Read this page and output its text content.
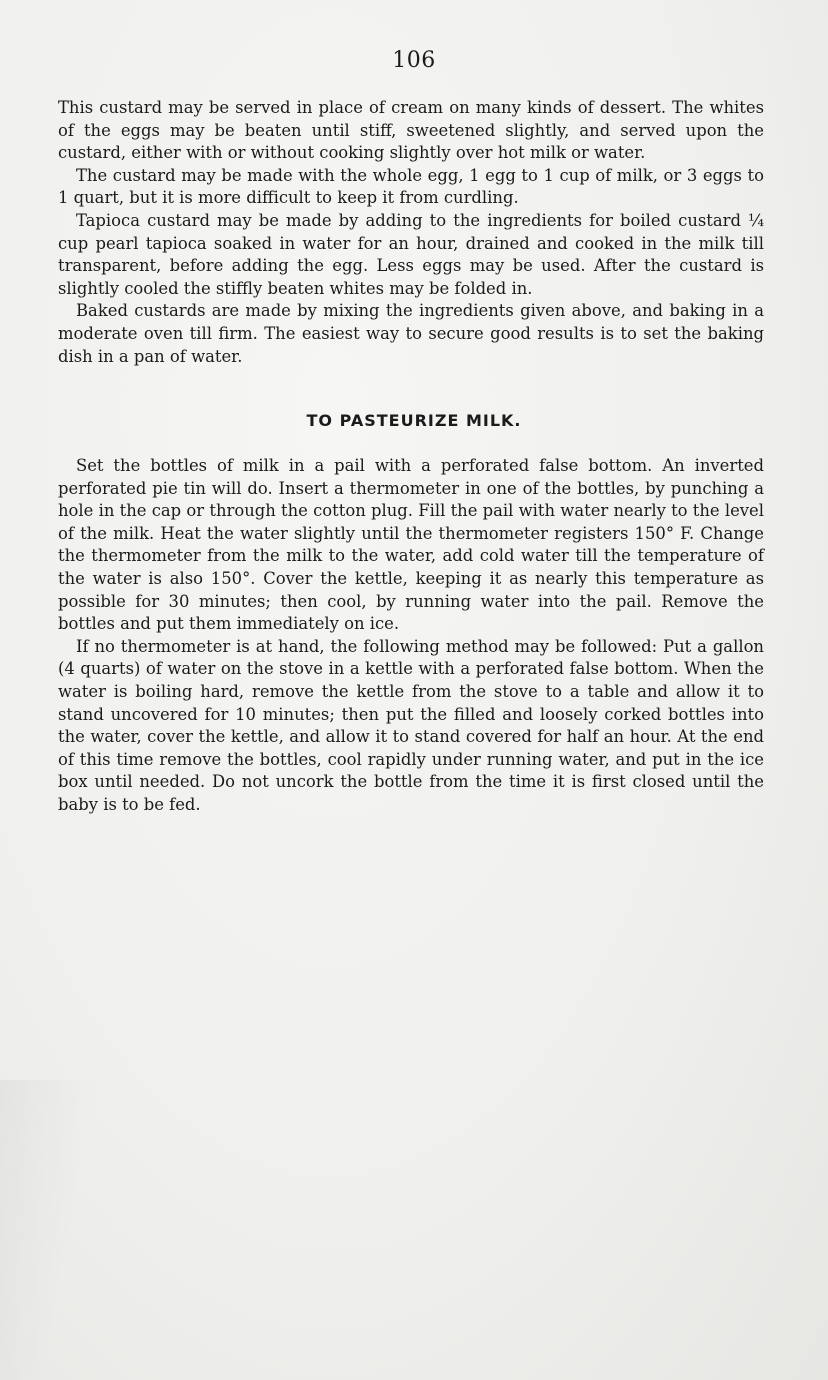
106

This custard may be served in place of cream on many kinds of dessert. The whites of the eggs may be beaten until stiff, sweetened slightly, and served upon the custard, either with or without cooking slightly over hot milk or water.

The custard may be made with the whole egg, 1 egg to 1 cup of milk, or 3 eggs to 1 quart, but it is more difficult to keep it from curdling.

Tapioca custard may be made by adding to the ingredients for boiled custard ¼ cup pearl tapioca soaked in water for an hour, drained and cooked in the milk till transparent, before adding the egg. Less eggs may be used. After the custard is slightly cooled the stiffly beaten whites may be folded in.

Baked custards are made by mixing the ingredients given above, and baking in a moderate oven till firm. The easiest way to secure good results is to set the baking dish in a pan of water.

TO PASTEURIZE MILK.

Set the bottles of milk in a pail with a perforated false bottom. An inverted perforated pie tin will do. Insert a thermometer in one of the bottles, by punching a hole in the cap or through the cotton plug. Fill the pail with water nearly to the level of the milk. Heat the water slightly until the thermometer registers 150° F. Change the thermometer from the milk to the water, add cold water till the temperature of the water is also 150°. Cover the kettle, keeping it as nearly this temperature as possible for 30 minutes; then cool, by running water into the pail. Remove the bottles and put them immediately on ice.

If no thermometer is at hand, the following method may be followed: Put a gallon (4 quarts) of water on the stove in a kettle with a perforated false bottom. When the water is boiling hard, remove the kettle from the stove to a table and allow it to stand uncovered for 10 minutes; then put the filled and loosely corked bottles into the water, cover the kettle, and allow it to stand covered for half an hour. At the end of this time remove the bottles, cool rapidly under running water, and put in the ice box until needed. Do not uncork the bottle from the time it is first closed until the baby is to be fed.
